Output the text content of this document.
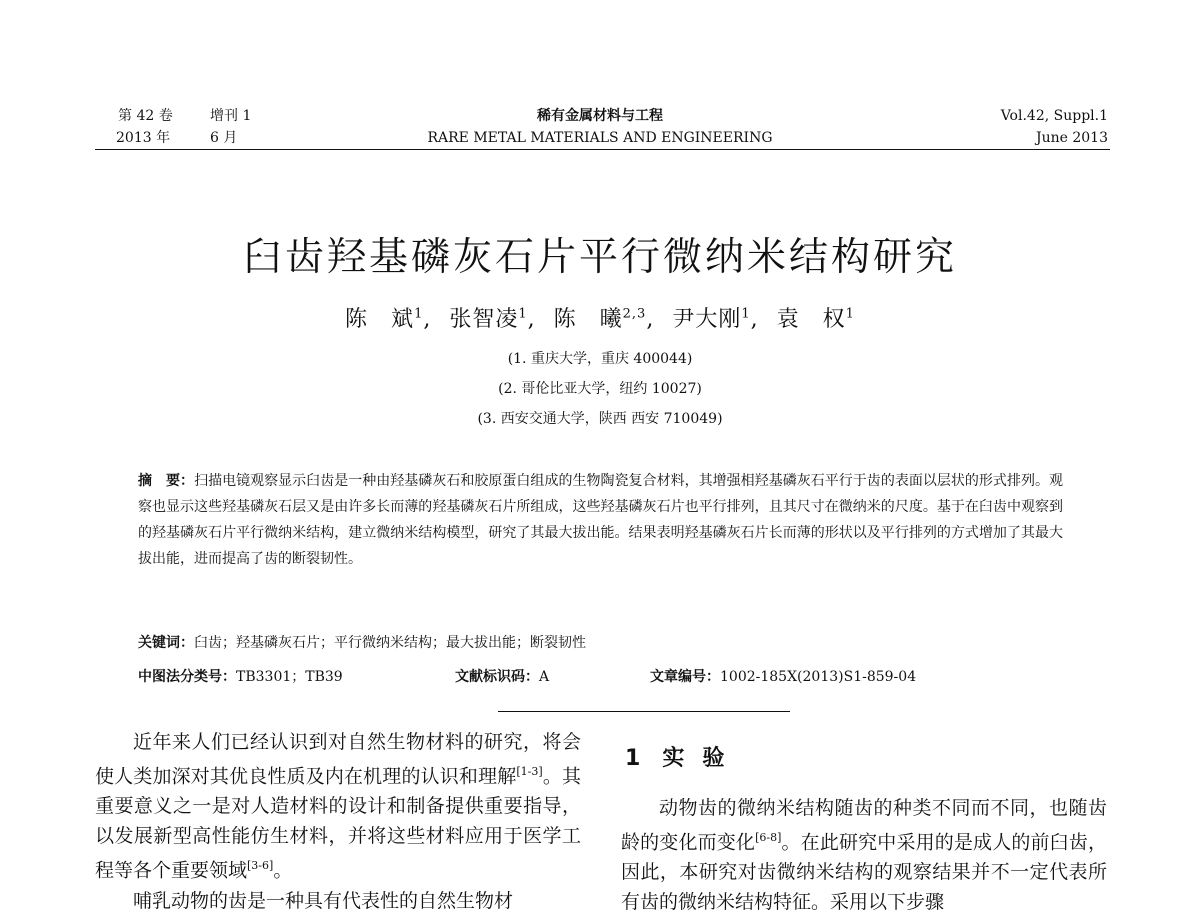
第 42 卷	增刊 1
2013 年	6 月
稀有金属材料与工程
RARE METAL MATERIALS AND ENGINEERING
Vol.42, Suppl.1
June 2013
臼齿羟基磷灰石片平行微纳米结构研究
陈　斌$^1$, 张智凌$^1$, 陈　曦$^{2,3}$, 尹大刚$^1$, 袁　权$^1$
(1. 重庆大学，重庆 400044)
(2. 哥伦比亚大学，纽约 10027)
(3. 西安交通大学，陕西 西安 710049)
摘　要：扫描电镜观察显示臼齿是一种由羟基磷灰石和胶原蛋白组成的生物陶瓷复合材料，其增强相羟基磷灰石平行于齿的表面以层状的形式排列。观察也显示这些羟基磷灰石层又是由许多长而薄的羟基磷灰石片所组成，这些羟基磷灰石片也平行排列，且其尺寸在微纳米的尺度。基于在臼齿中观察到的羟基磷灰石片平行微纳米结构，建立微纳米结构模型，研究了其最大拔出能。结果表明羟基磷灰石片长而薄的形状以及平行排列的方式增加了其最大拔出能，进而提高了齿的断裂韧性。
关键词：臼齿；羟基磷灰石片；平行微纳米结构；最大拔出能；断裂韧性
中图法分类号：TB3301；TB39	文献标识码：A	文章编号：1002-185X(2013)S1-859-04

近年来人们已经认识到对自然生物材料的研究，将会使人类加深对其优良性质及内在机理的认识和理解[1-3]。其重要意义之一是对人造材料的设计和制备提供重要指导，以发展新型高性能仿生材料，并将这些材料应用于医学工程等各个重要领域[3-6]。

哺乳动物的齿是一种具有代表性的自然生物材

1 实验

动物齿的微纳米结构随齿的种类不同而不同，也随齿龄的变化而变化[6-8]。在此研究中采用的是成人的前臼齿，因此，本研究对齿微纳米结构的观察结果并不一定代表所有齿的微纳米结构特征。采用以下步骤
